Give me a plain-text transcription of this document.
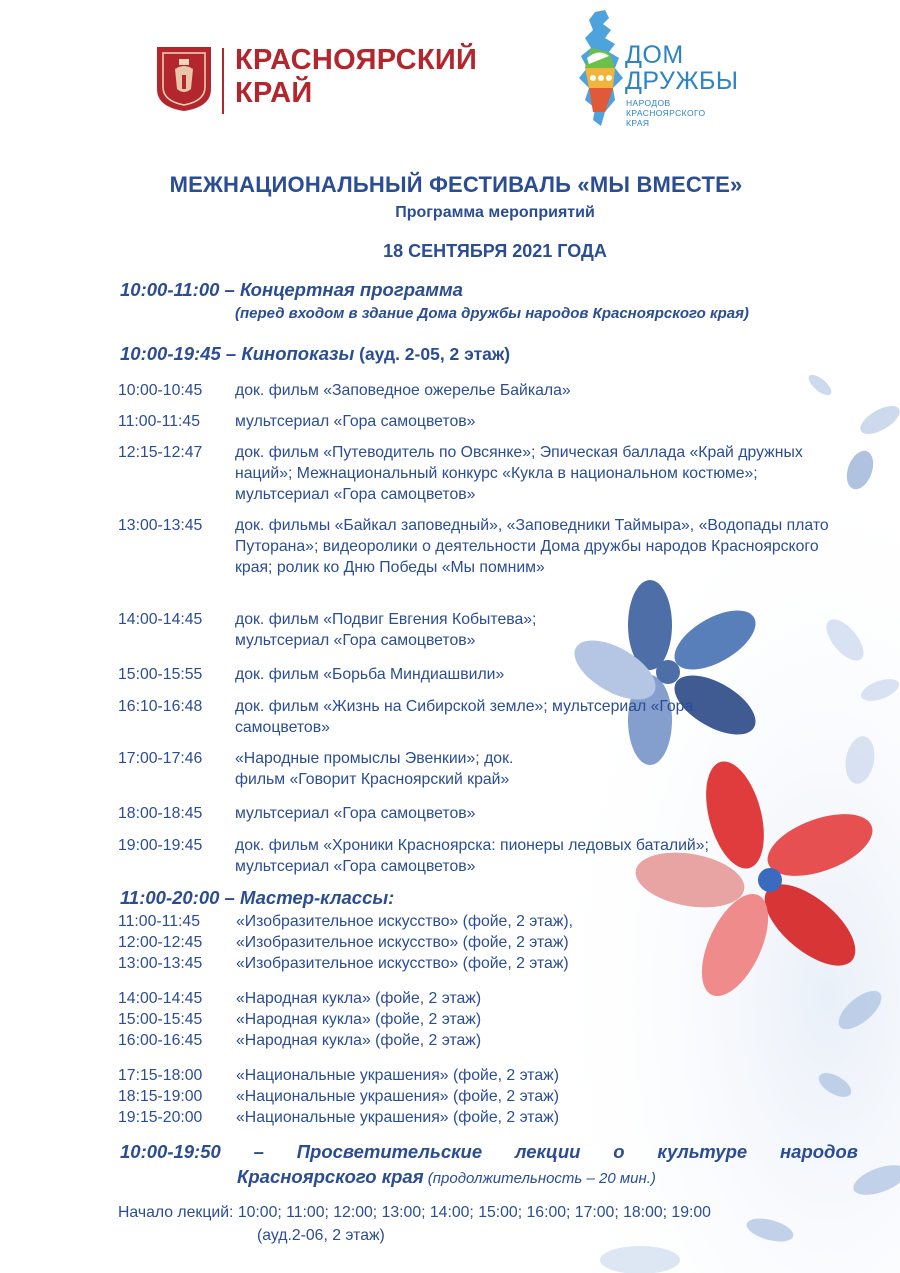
КРАСНОЯРСКИЙ
КРАЙ
ДОМ
ДРУЖБЫ
НАРОДОВ
КРАСНОЯРСКОГО
КРАЯ
МЕЖНАЦИОНАЛЬНЫЙ ФЕСТИВАЛЬ «МЫ ВМЕСТЕ»
Программа мероприятий
18 СЕНТЯБРЯ 2021 ГОДА
10:00-11:00 – Концертная программа
(перед входом в здание Дома дружбы народов Красноярского края)
10:00-19:45 – Кинопоказы (ауд. 2-05, 2 этаж)
10:00-10:45 док. фильм «Заповедное ожерелье Байкала»
11:00-11:45 мультсериал «Гора самоцветов»
12:15-12:47 док. фильм «Путеводитель по Овсянке»; Эпическая баллада «Край дружных наций»; Межнациональный конкурс «Кукла в национальном костюме»; мультсериал «Гора самоцветов»
13:00-13:45 док. фильмы «Байкал заповедный», «Заповедники Таймыра», «Водопады плато Путорана»; видеоролики о деятельности Дома дружбы народов Красноярского края; ролик ко Дню Победы «Мы помним»
14:00-14:45 док. фильм «Подвиг Евгения Кобытева»; мультсериал «Гора самоцветов»
15:00-15:55 док. фильм «Борьба Миндиашвили»
16:10-16:48 док. фильм «Жизнь на Сибирской земле»; мультсериал «Гора самоцветов»
17:00-17:46 «Народные промыслы Эвенкии»; док. фильм «Говорит Красноярский край»
18:00-18:45 мультсериал «Гора самоцветов»
19:00-19:45 док. фильм «Хроники Красноярска: пионеры ледовых баталий»; мультсериал «Гора самоцветов»
11:00-20:00 – Мастер-классы:
11:00-11:45 «Изобразительное искусство» (фойе, 2 этаж),
12:00-12:45 «Изобразительное искусство» (фойе, 2 этаж)
13:00-13:45 «Изобразительное искусство» (фойе, 2 этаж)
14:00-14:45 «Народная кукла» (фойе, 2 этаж)
15:00-15:45 «Народная кукла» (фойе, 2 этаж)
16:00-16:45 «Народная кукла» (фойе, 2 этаж)
17:15-18:00 «Национальные украшения» (фойе, 2 этаж)
18:15-19:00 «Национальные украшения» (фойе, 2 этаж)
19:15-20:00 «Национальные украшения» (фойе, 2 этаж)
10:00-19:50 – Просветительские лекции о культуре народов
Красноярского края (продолжительность – 20 мин.)
Начало лекций: 10:00; 11:00; 12:00; 13:00; 14:00; 15:00; 16:00; 17:00; 18:00; 19:00
(ауд.2-06, 2 этаж)
